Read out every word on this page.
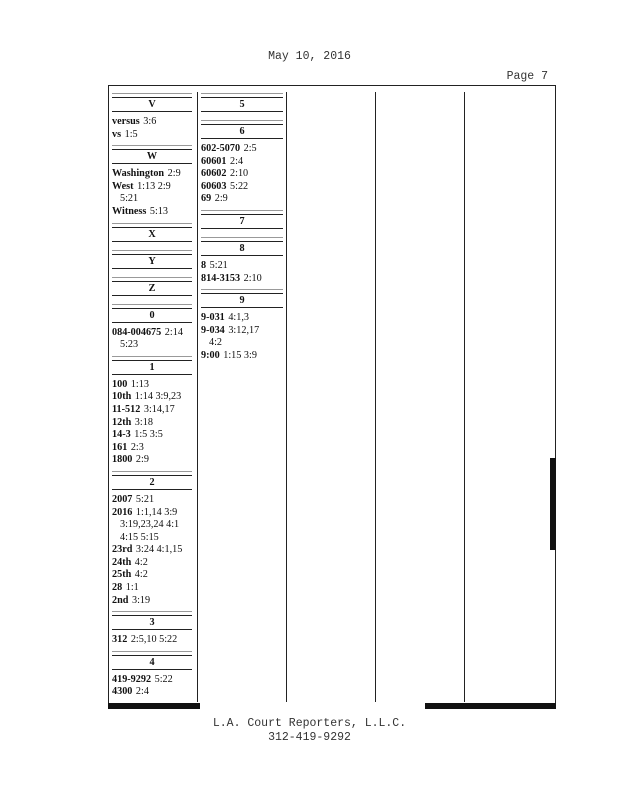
May 10, 2016
Page 7
V
versus 3:6
vs 1:5
W
Washington 2:9
West 1:13 2:9
5:21
Witness 5:13
X
Y
Z
0
084-004675 2:14
5:23
1
100 1:13
10th 1:14 3:9,23
11-512 3:14,17
12th 3:18
14-3 1:5 3:5
161 2:3
1800 2:9
2
2007 5:21
2016 1:1,14 3:9
3:19,23,24 4:1
4:15 5:15
23rd 3:24 4:1,15
24th 4:2
25th 4:2
28 1:1
2nd 3:19
3
312 2:5,10 5:22
4
419-9292 5:22
4300 2:4
5
6
602-5070 2:5
60601 2:4
60602 2:10
60603 5:22
69 2:9
7
8
8 5:21
814-3153 2:10
9
9-031 4:1,3
9-034 3:12,17
4:2
9:00 1:15 3:9
L.A. Court Reporters, L.L.C.
312-419-9292
